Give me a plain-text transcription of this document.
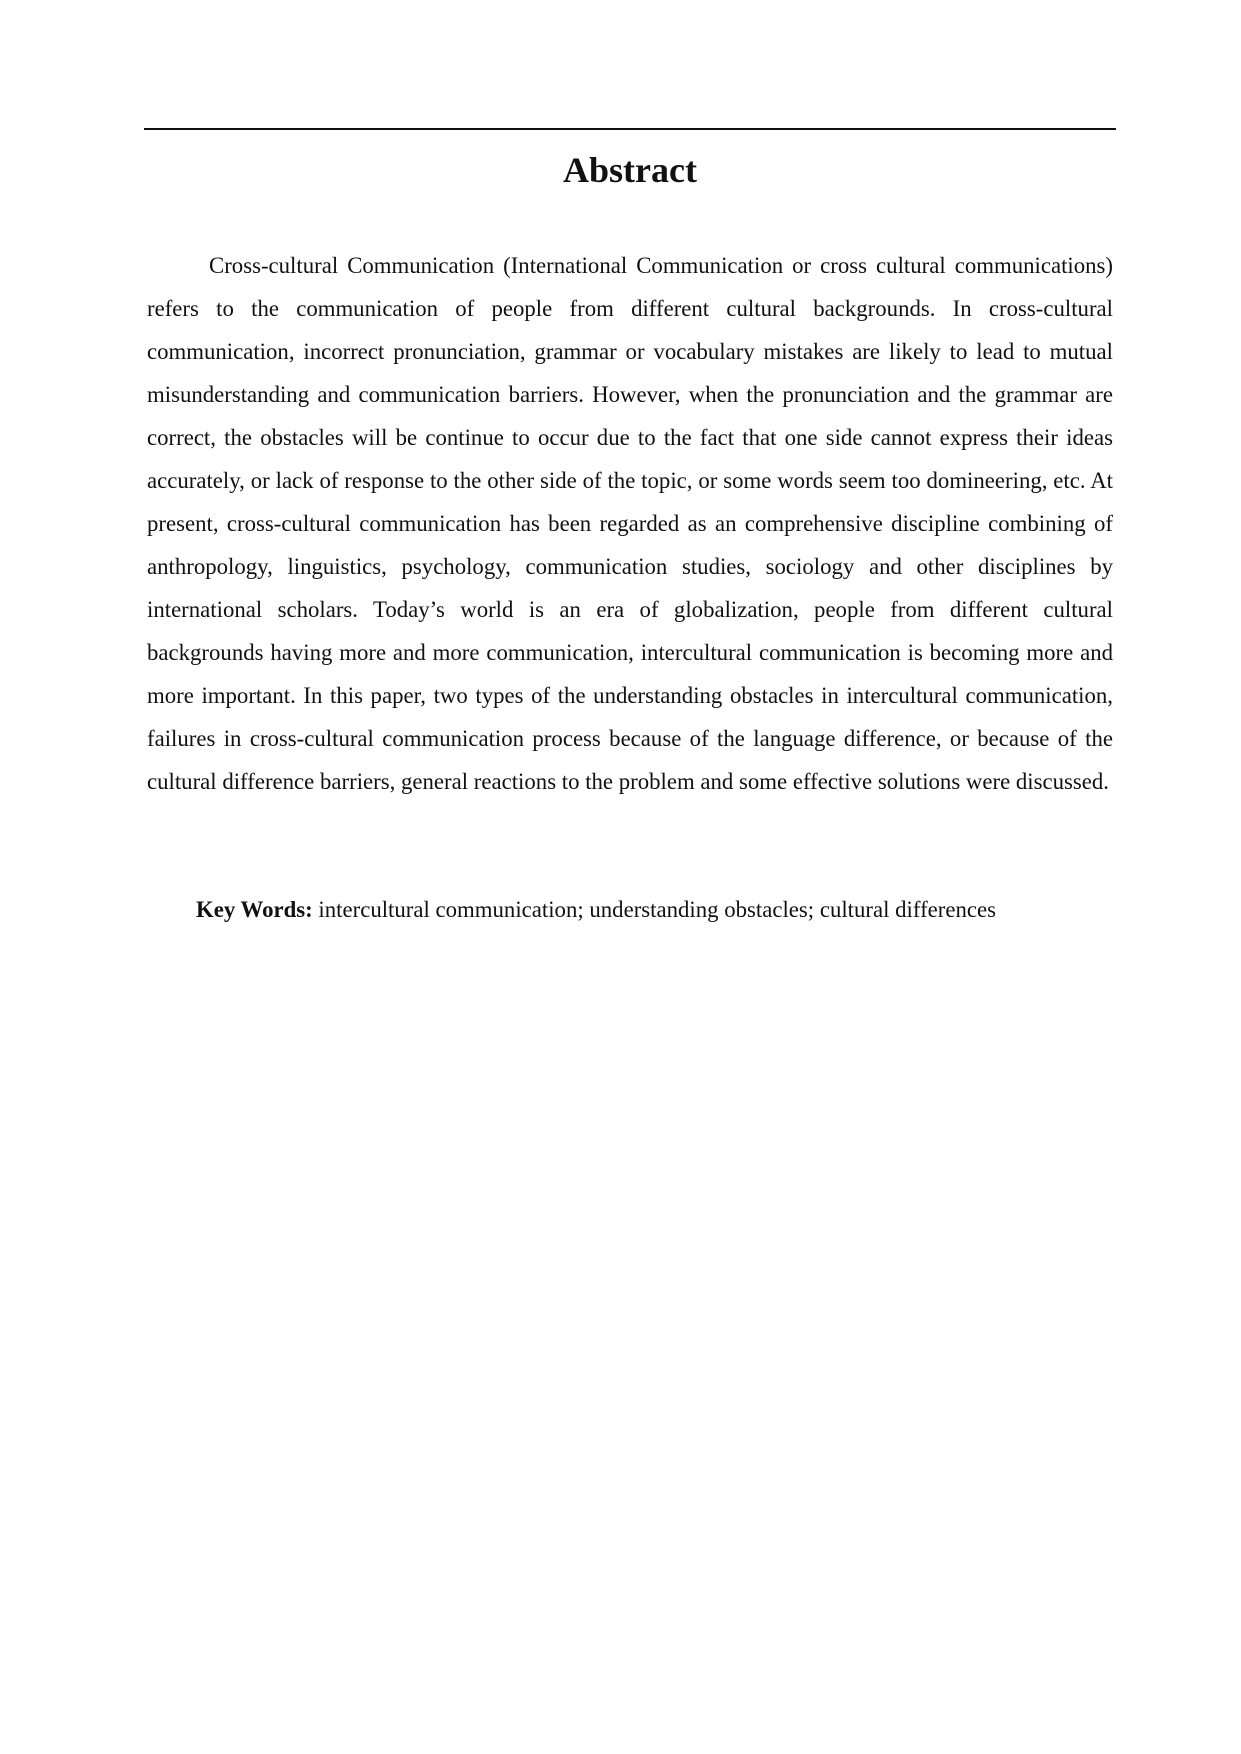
Abstract

Cross-cultural Communication (International Communication or cross cultural communications) refers to the communication of people from different cultural backgrounds. In cross-cultural communication, incorrect pronunciation, grammar or vocabulary mistakes are likely to lead to mutual misunderstanding and communication barriers. However, when the pronunciation and the grammar are correct, the obstacles will be continue to occur due to the fact that one side cannot express their ideas accurately, or lack of response to the other side of the topic, or some words seem too domineering, etc. At present, cross-cultural communication has been regarded as an comprehensive discipline combining of anthropology, linguistics, psychology, communication studies, sociology and other disciplines by international scholars. Today’s world is an era of globalization, people from different cultural backgrounds having more and more communication, intercultural communication is becoming more and more important. In this paper, two types of the understanding obstacles in intercultural communication, failures in cross-cultural communication process because of the language difference, or because of the cultural difference barriers, general reactions to the problem and some effective solutions were discussed.

Key Words: intercultural communication; understanding obstacles; cultural differences
